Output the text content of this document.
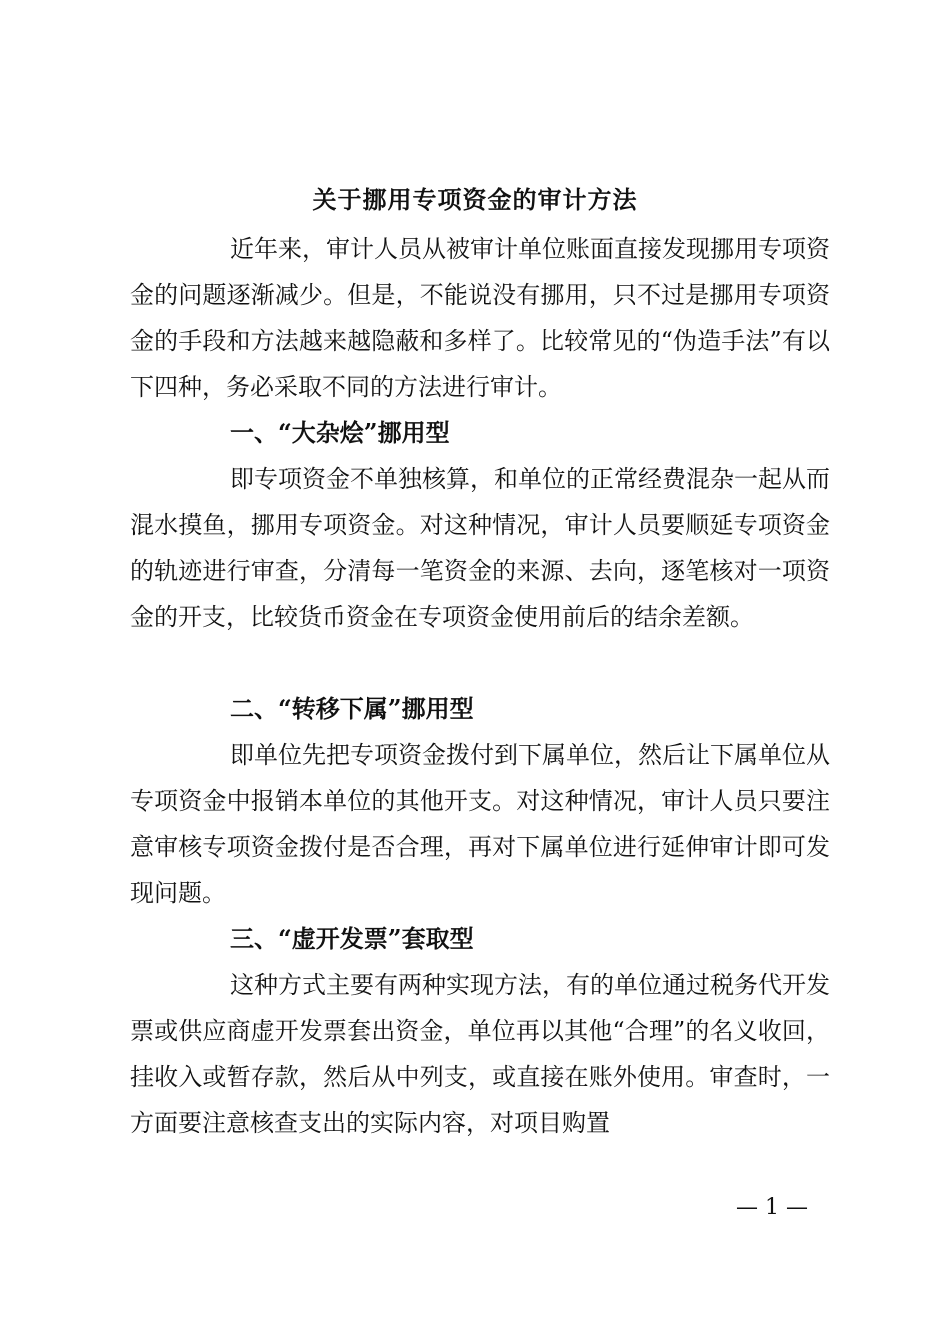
关于挪用专项资金的审计方法
近年来，审计人员从被审计单位账面直接发现挪用专项资金的问题逐渐减少。但是，不能说没有挪用，只不过是挪用专项资金的手段和方法越来越隐蔽和多样了。比较常见的“伪造手法”有以下四种，务必采取不同的方法进行审计。
一、“大杂烩”挪用型
即专项资金不单独核算，和单位的正常经费混杂一起从而混水摸鱼，挪用专项资金。对这种情况，审计人员要顺延专项资金的轨迹进行审查，分清每一笔资金的来源、去向，逐笔核对一项资金的开支，比较货币资金在专项资金使用前后的结余差额。
二、“转移下属”挪用型
即单位先把专项资金拨付到下属单位，然后让下属单位从专项资金中报销本单位的其他开支。对这种情况，审计人员只要注意审核专项资金拨付是否合理，再对下属单位进行延伸审计即可发现问题。
三、“虚开发票”套取型
这种方式主要有两种实现方法，有的单位通过税务代开发票或供应商虚开发票套出资金，单位再以其他“合理”的名义收回，挂收入或暂存款，然后从中列支，或直接在账外使用。审查时，一方面要注意核查支出的实际内容，对项目购置
— 1 —
